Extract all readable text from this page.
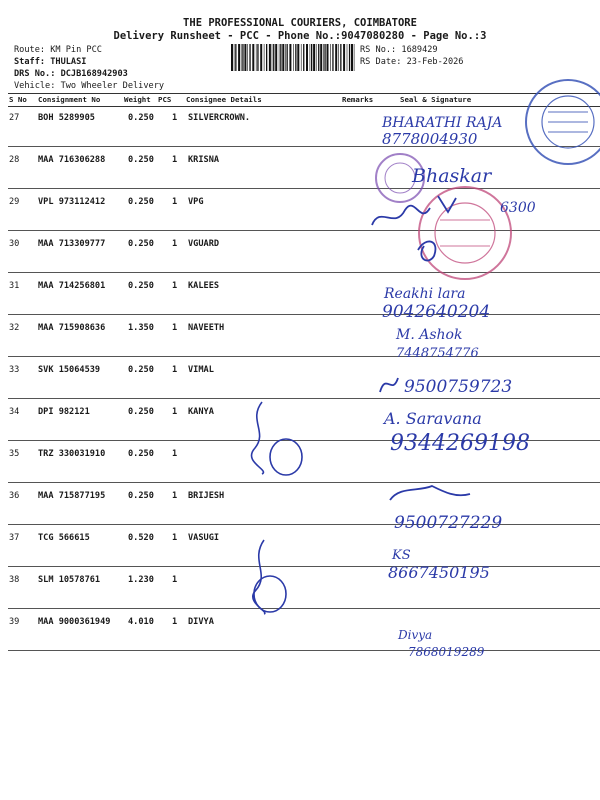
THE PROFESSIONAL COURIERS, COIMBATORE
Delivery Runsheet - PCC - Phone No.:9047080280 - Page No.:3
Route: KM Pin PCC
Staff: THULASI
DRS No.: DCJB168942903
Vehicle: Two Wheeler Delivery
RS No.: 1689429
RS Date: 23-Feb-2026
S No Consignment No	Weight PCS Consignee Details	Remarks	Seal & Signature
27 BOH 5289905	0.250 1 SILVERCROWN.
28 MAA 716306288	0.250 1 KRISNA
29 VPL 973112412	0.250 1 VPG
30 MAA 713309777	0.250 1 VGUARD
31 MAA 714256801	0.250 1 KALEES
32 MAA 715908636	1.350 1 NAVEETH
33 SVK 15064539	0.250 1 VIMAL
34 DPI 982121	0.250 1 KANYA
35 TRZ 330031910	0.250 1
36 MAA 715877195	0.250 1 BRIJESH
37 TCG 566615	0.520 1 VASUGI
38 SLM 10578761	1.230 1
39 MAA 9000361949 4.010 1 DIVYA
BHARATHI RAJA
8778004930
Bhaskar
6300
Reakhi lara
9042640204
M. Ashok
7448754776
9500759723
A. Saravana
9344269198
9500727229
KS
8667450195
Divya
7868019289
